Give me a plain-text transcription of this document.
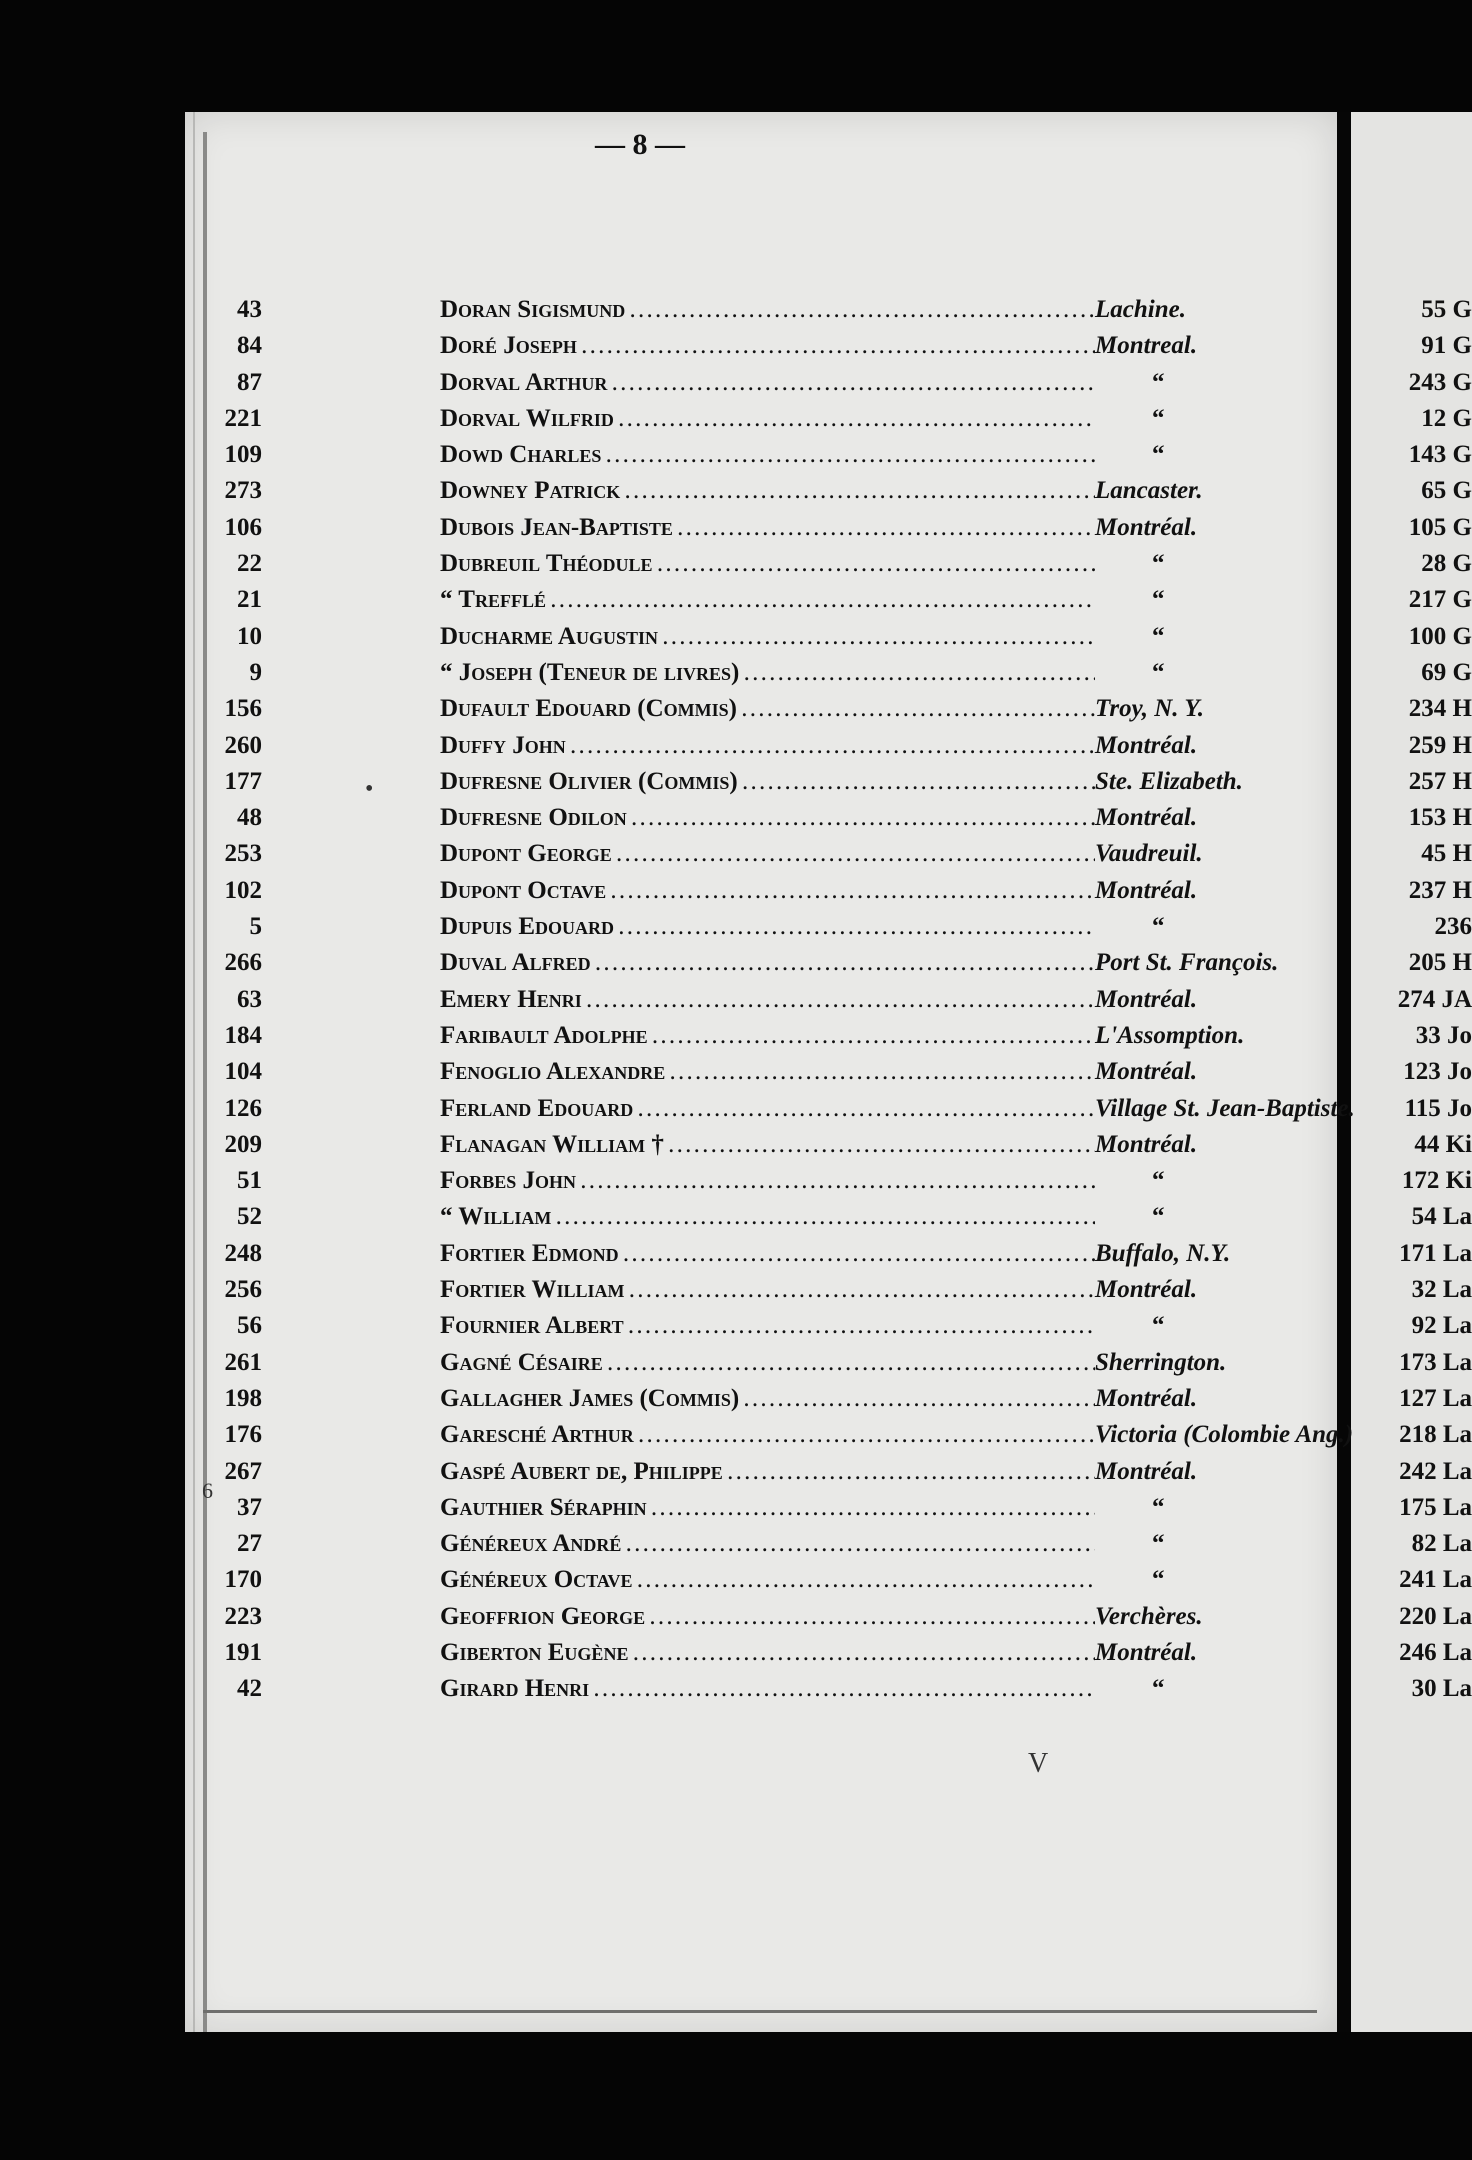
— 8 —
43	Doran Sigismund . . .	Lachine.
84	Doré Joseph . . .	Montreal.
87	Dorval Arthur . . .	“
221	Dorval Wilfrid . . .	“
109	Dowd Charles . . .	“
273	Downey Patrick . . .	Lancaster.
106	Dubois Jean-Baptiste . . .	Montréal.
22	Dubreuil Théodule . . .	“
21	“ Trefflé . . .	“
10	Ducharme Augustin . . .	“
9	“ Joseph (Teneur de livres) . . .	“
156	Dufault Edouard (Commis) . . .	Troy, N. Y.
260	Duffy John . . .	Montréal.
177	Dufresne Olivier (Commis) . . .	Ste. Elizabeth.
48	Dufresne Odilon . . .	Montréal.
253	Dupont George . . .	Vaudreuil.
102	Dupont Octave . . .	Montréal.
5	Dupuis Edouard . . .	“
266	Duval Alfred . . .	Port St. François.
63	Emery Henri . . .	Montréal.
184	Faribault Adolphe . . .	L'Assomption.
104	Fenoglio Alexandre . . .	Montréal.
126	Ferland Edouard . . .	Village St. Jean-Baptiste.
209	Flanagan William † . . .	Montréal.
51	Forbes John . . .	“
52	“ William . . .	“
248	Fortier Edmond . . .	Buffalo, N.Y.
256	Fortier William . . .	Montréal.
56	Fournier Albert . . .	“
261	Gagné Césaire . . .	Sherrington.
198	Gallagher James (Commis) . . .	Montréal.
176	Garesché Arthur . . .	Victoria (Colombie Ang.)
267	Gaspé Aubert de, Philippe . . .	Montréal.
37	Gauthier Séraphin . . .	“
27	Généreux André . . .	“
170	Généreux Octave . . .	“
223	Geoffrion George . . .	Verchères.
191	Giberton Eugène . . .	Montréal.
42	Girard Henri . . .	“
55 G
91 G
243 G
12 G
143 G
65 G
105 G
28 G
217 G
100 G
69 G
234 H
259 H
257 H
153 H
45 H
237 H
236
205 H
274 JA
33 Jo
123 Jo
115 Jo
44 Ki
172 Ki
54 La
171 La
32 La
92 La
173 La
127 La
218 La
242 La
175 La
82 La
241 La
220 La
246 La
30 La
•
6
V
